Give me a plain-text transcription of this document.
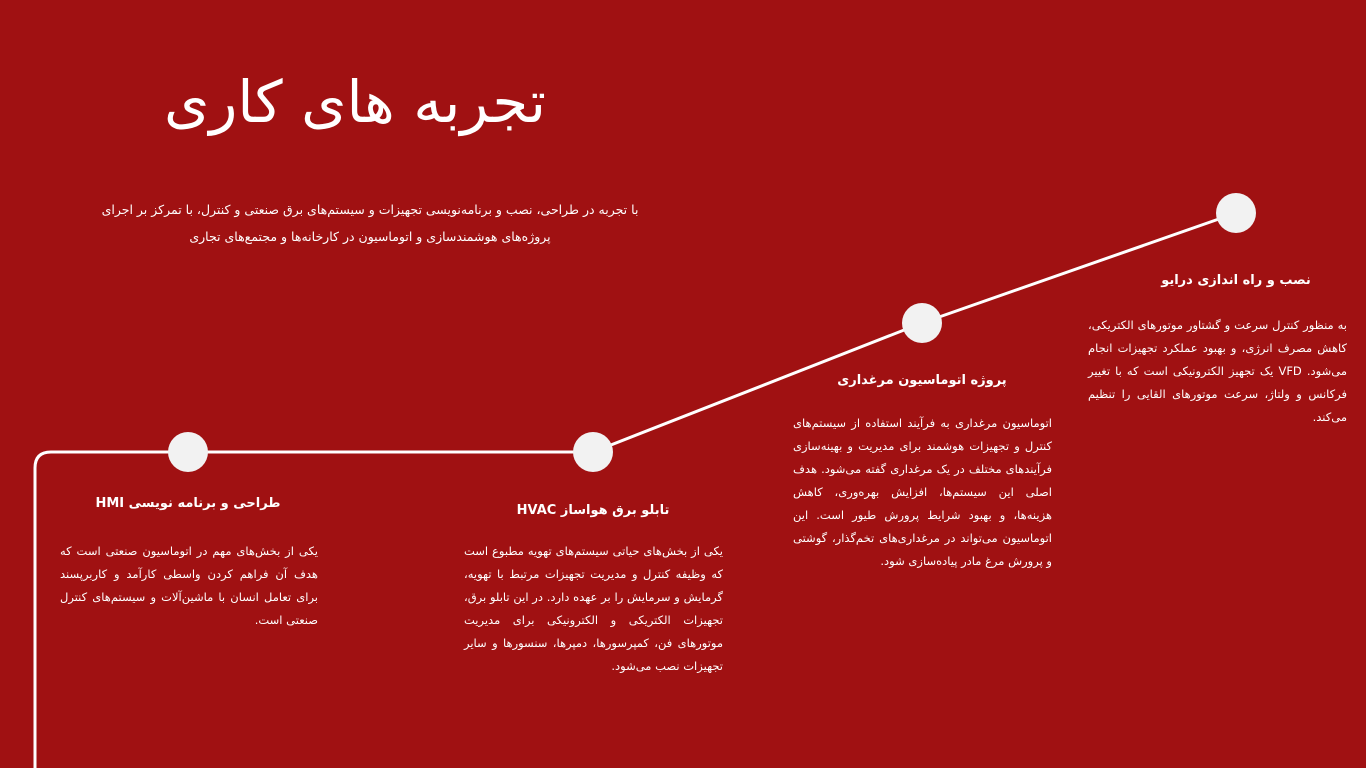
تجربه های کاری

با تجربه در طراحی، نصب و برنامه‌نویسی تجهیزات و سیستم‌های برق صنعتی و کنترل، با تمرکز بر اجرای پروژه‌های هوشمندسازی و اتوماسیون در کارخانه‌ها و مجتمع‌های تجاری

طراحی و برنامه نویسی HMI

یکی از بخش‌های مهم در اتوماسیون صنعتی است که هدف آن فراهم کردن واسطی کارآمد و کاربرپسند برای تعامل انسان با ماشین‌آلات و سیستم‌های کنترل صنعتی است.

تابلو برق هواساز HVAC

یکی از بخش‌های حیاتی سیستم‌های تهویه مطبوع است که وظیفه کنترل و مدیریت تجهیزات مرتبط با تهویه، گرمایش و سرمایش را بر عهده دارد. در این تابلو برق، تجهیزات الکتریکی و الکترونیکی برای مدیریت موتورهای فن، کمپرسورها، دمپرها، سنسورها و سایر تجهیزات نصب می‌شود.

پروژه اتوماسیون مرغداری

اتوماسیون مرغداری به فرآیند استفاده از سیستم‌های کنترل و تجهیزات هوشمند برای مدیریت و بهینه‌سازی فرآیندهای مختلف در یک مرغداری گفته می‌شود. هدف اصلی این سیستم‌ها، افزایش بهره‌وری، کاهش هزینه‌ها، و بهبود شرایط پرورش طیور است. این اتوماسیون می‌تواند در مرغداری‌های تخم‌گذار، گوشتی و پرورش مرغ مادر پیاده‌سازی شود.

نصب و راه اندازی درایو

به منظور کنترل سرعت و گشتاور موتورهای الکتریکی، کاهش مصرف انرژی، و بهبود عملکرد تجهیزات انجام می‌شود. VFD یک تجهیز الکترونیکی است که با تغییر فرکانس و ولتاژ، سرعت موتورهای القایی را تنظیم می‌کند.
